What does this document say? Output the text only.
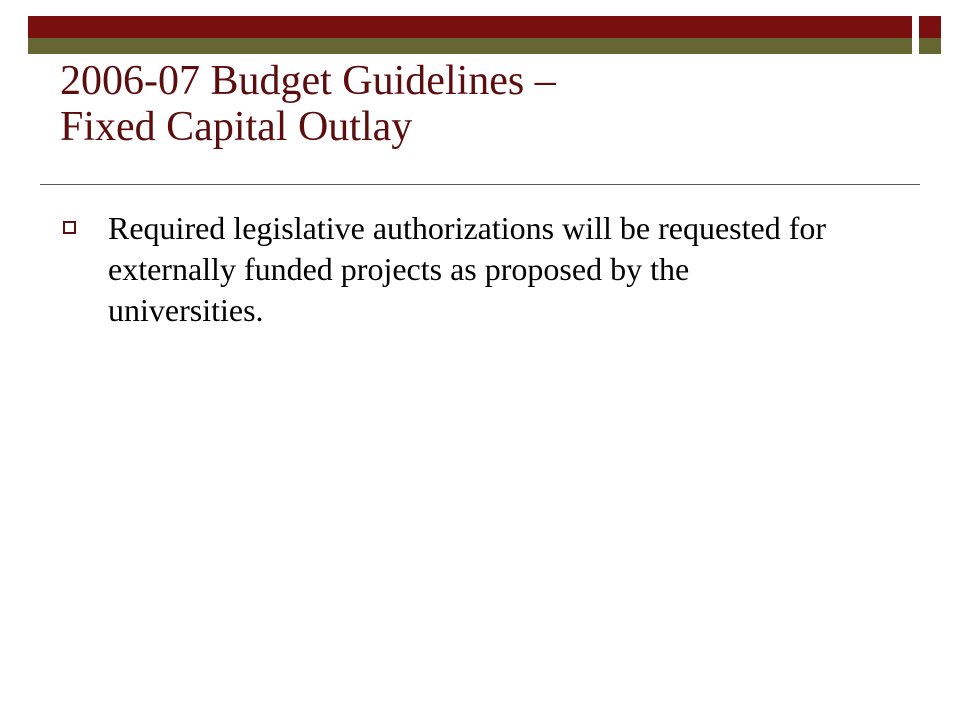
2006-07 Budget Guidelines –
Fixed Capital Outlay
Required legislative authorizations will be requested for externally funded projects as proposed by the universities.
